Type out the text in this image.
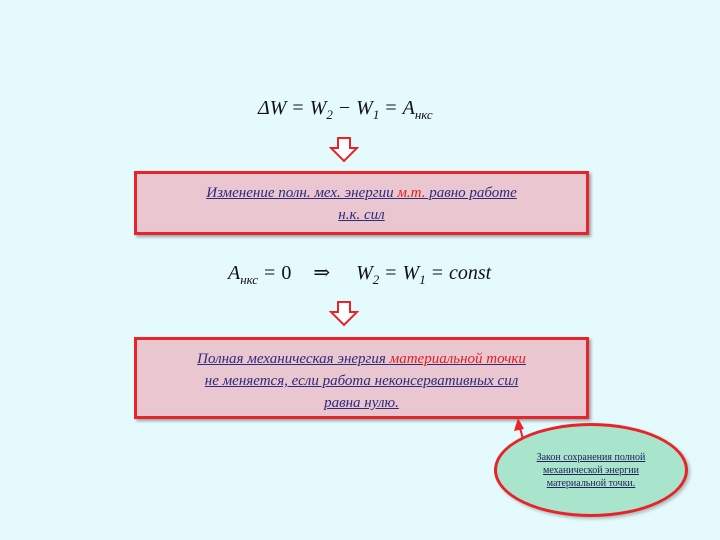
$\Delta W = W_2 - W_1 = A_{нкс}$
Изменение полн. мех. энергии м.т. равно работе
н.к. сил
$A_{нкс} = 0$ ⇒ $W_2 = W_1$ = const
Полная механическая энергия материальной точки
не меняется, если работа неконсервативных сил
равна нулю.
Закон сохранения полной механической энергии материальной точки.
